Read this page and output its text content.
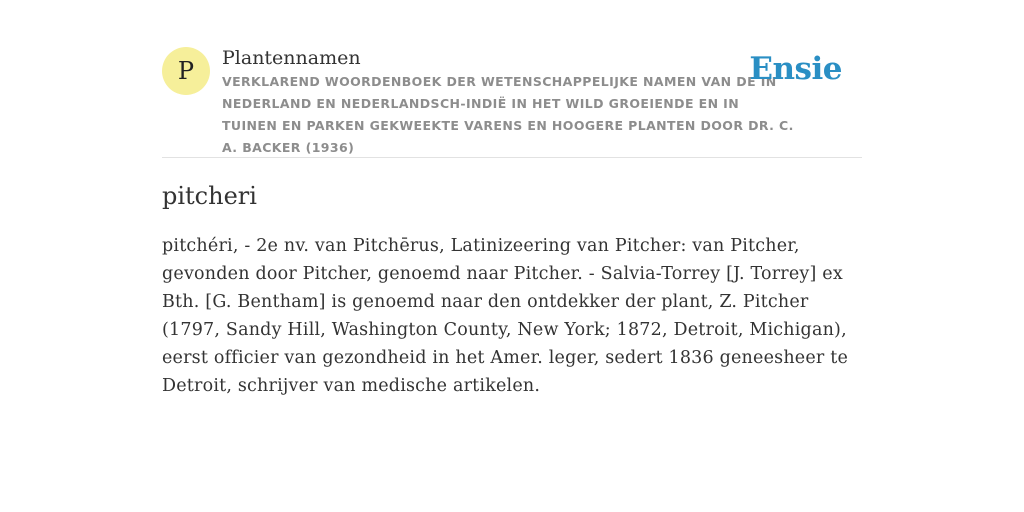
P Plantennamen
VERKLAREND WOORDENBOEK DER WETENSCHAPPELIJKE NAMEN VAN DE IN NEDERLAND EN NEDERLANDSCH-INDIË IN HET WILD GROEIENDE EN IN TUINEN EN PARKEN GEKWEEKTE VARENS EN HOOGERE PLANTEN DOOR DR. C. A. BACKER (1936)
Ensie
pitcheri

pitchéri, - 2e nv. van Pitchērus, Latinizeering van Pitcher: van Pitcher, gevonden door Pitcher, genoemd naar Pitcher. - Salvia-Torrey [J. Torrey] ex Bth. [G. Bentham] is genoemd naar den ontdekker der plant, Z. Pitcher (1797, Sandy Hill, Washington County, New York; 1872, Detroit, Michigan), eerst officier van gezondheid in het Amer. leger, sedert 1836 geneesheer te Detroit, schrijver van medische artikelen.
